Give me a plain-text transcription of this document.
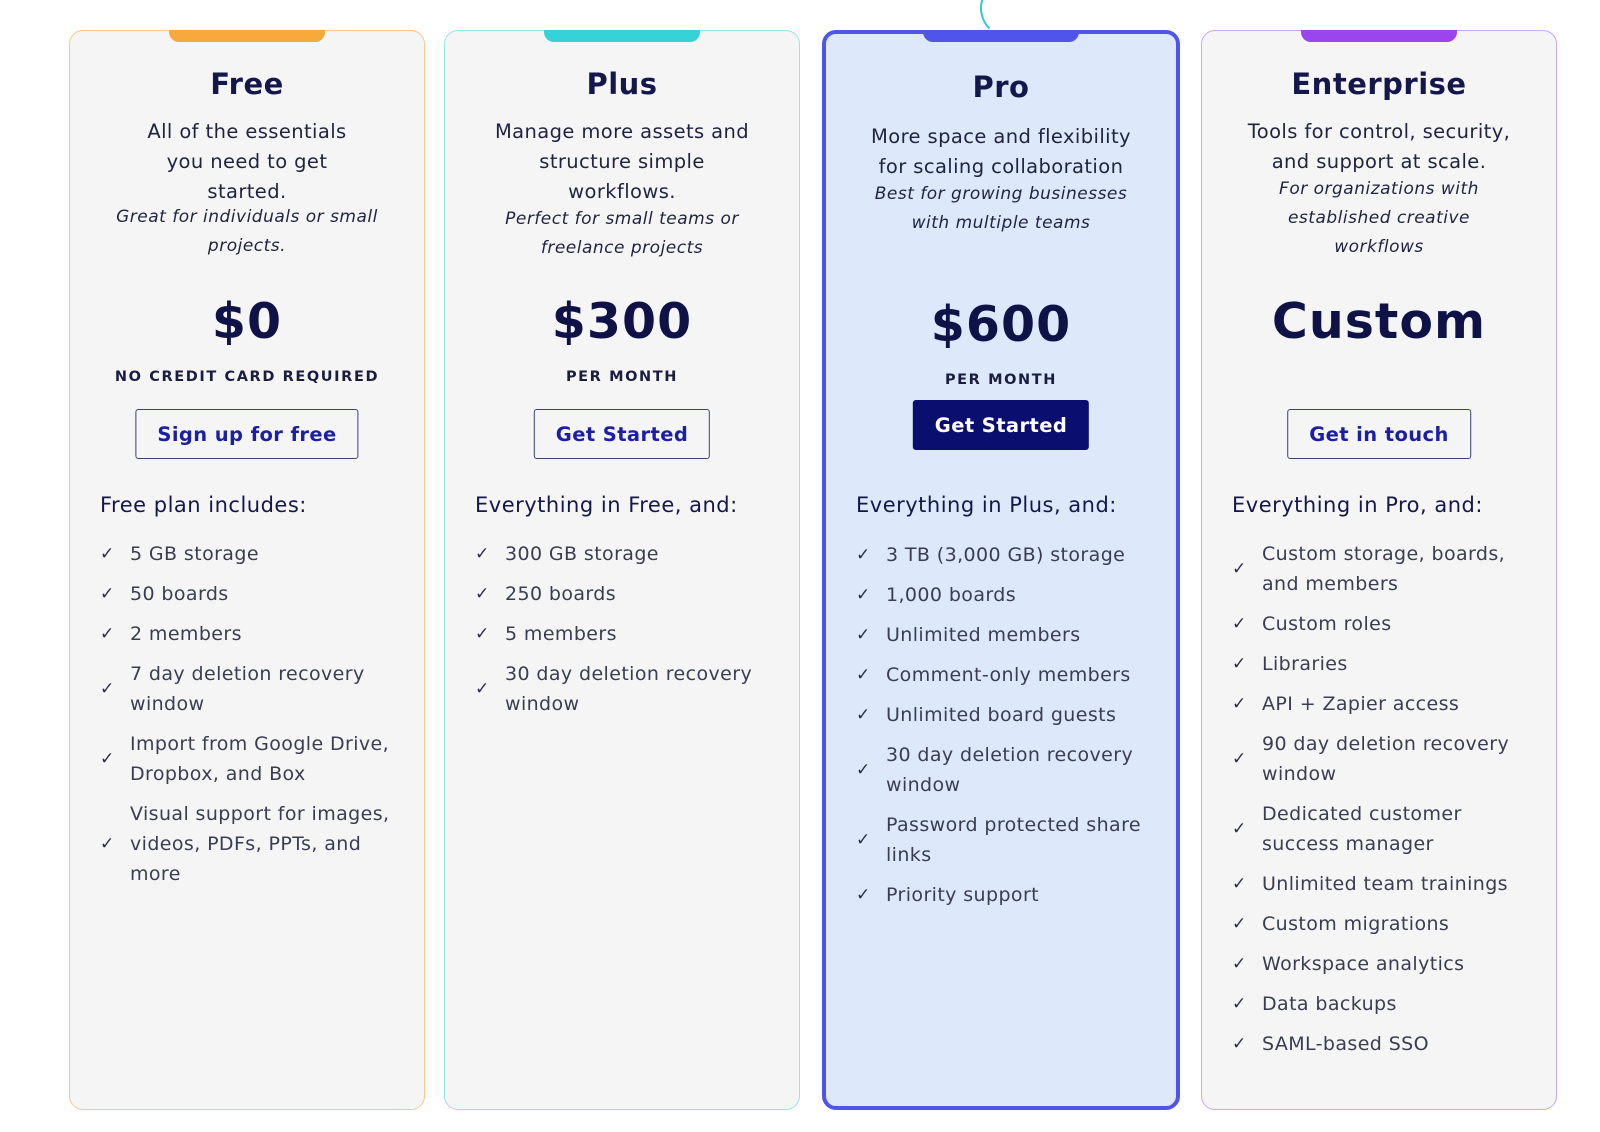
Free
All of the essentials you need to get started.
Great for individuals or small projects.
$0
NO CREDIT CARD REQUIRED
Sign up for free
Free plan includes:
✓ 5 GB storage
✓ 50 boards
✓ 2 members
✓
7 day deletion recovery window
✓
Import from Google Drive, Dropbox, and Box
✓
Visual support for images, videos, PDFs, PPTs, and more
Plus
Manage more assets and structure simple workflows.
Perfect for small teams or freelance projects
$300
PER MONTH
Get Started
Everything in Free, and:
✓ 300 GB storage
✓ 250 boards
✓ 5 members
✓
30 day deletion recovery window
Pro
More space and flexibility for scaling collaboration
Best for growing businesses with multiple teams
$600
PER MONTH
Get Started
Everything in Plus, and:
✓ 3 TB (3,000 GB) storage
✓ 1,000 boards
✓ Unlimited members
✓ Comment-only members
✓ Unlimited board guests
✓
30 day deletion recovery window
✓
Password protected share links
✓ Priority support
Enterprise
Tools for control, security, and support at scale.
For organizations with established creative workflows
Custom
Get in touch
Everything in Pro, and:
✓
Custom storage, boards, and members
✓ Custom roles
✓ Libraries
✓ API + Zapier access
✓
90 day deletion recovery window
✓
Dedicated customer success manager
✓ Unlimited team trainings
✓ Custom migrations
✓ Workspace analytics
✓ Data backups
✓ SAML-based SSO
